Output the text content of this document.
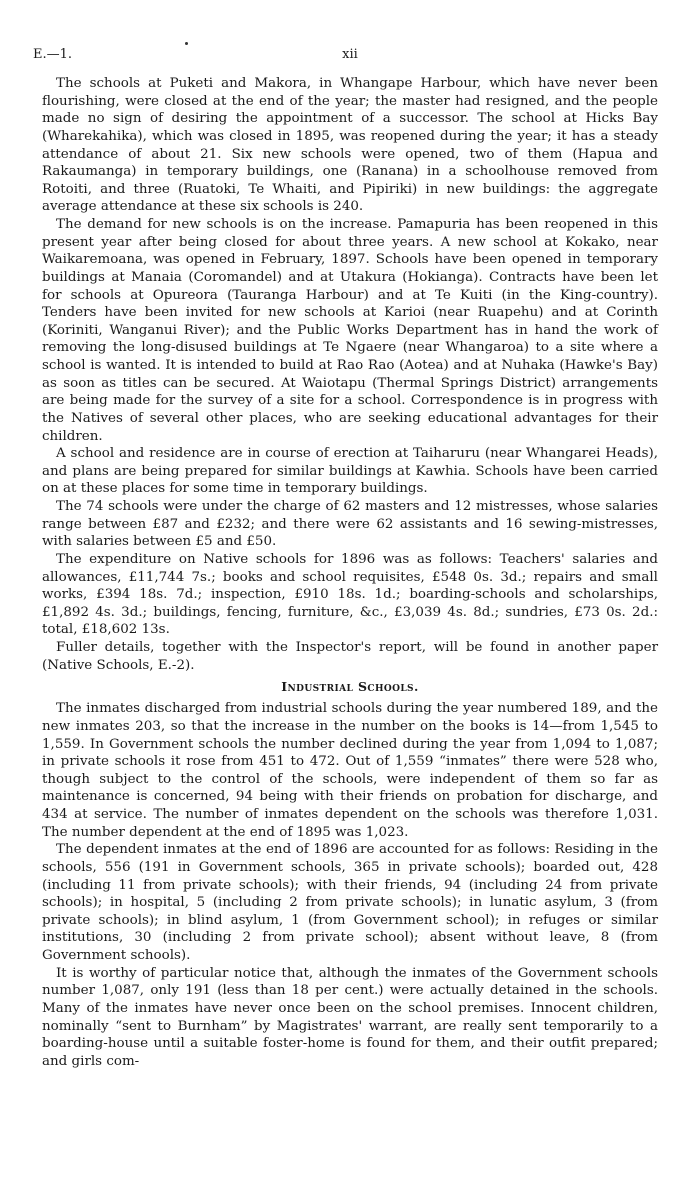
E.—1.	xii

The schools at Puketi and Makora, in Whangape Harbour, which have never been flourishing, were closed at the end of the year; the master had resigned, and the people made no sign of desiring the appointment of a successor. The school at Hicks Bay (Wharekahika), which was closed in 1895, was reopened during the year; it has a steady attendance of about 21. Six new schools were opened, two of them (Hapua and Rakaumanga) in temporary buildings, one (Ranana) in a schoolhouse removed from Rotoiti, and three (Ruatoki, Te Whaiti, and Pipiriki) in new buildings: the aggregate average attendance at these six schools is 240.

The demand for new schools is on the increase. Pamapuria has been reopened in this present year after being closed for about three years. A new school at Kokako, near Waikaremoana, was opened in February, 1897. Schools have been opened in temporary buildings at Manaia (Coromandel) and at Utakura (Hokianga). Contracts have been let for schools at Opureora (Tauranga Harbour) and at Te Kuiti (in the King-country). Tenders have been invited for new schools at Karioi (near Ruapehu) and at Corinth (Koriniti, Wanganui River); and the Public Works Department has in hand the work of removing the long-disused buildings at Te Ngaere (near Whangaroa) to a site where a school is wanted. It is intended to build at Rao Rao (Aotea) and at Nuhaka (Hawke's Bay) as soon as titles can be secured. At Waiotapu (Thermal Springs District) arrangements are being made for the survey of a site for a school. Correspondence is in progress with the Natives of several other places, who are seeking educational advantages for their children.

A school and residence are in course of erection at Taiharuru (near Whangarei Heads), and plans are being prepared for similar buildings at Kawhia. Schools have been carried on at these places for some time in temporary buildings.

The 74 schools were under the charge of 62 masters and 12 mistresses, whose salaries range between £87 and £232; and there were 62 assistants and 16 sewing-mistresses, with salaries between £5 and £50.

The expenditure on Native schools for 1896 was as follows: Teachers' salaries and allowances, £11,744 7s.; books and school requisites, £548 0s. 3d.; repairs and small works, £394 18s. 7d.; inspection, £910 18s. 1d.; boarding-schools and scholarships, £1,892 4s. 3d.; buildings, fencing, furniture, &c., £3,039 4s. 8d.; sundries, £73 0s. 2d.: total, £18,602 13s.

Fuller details, together with the Inspector's report, will be found in another paper (Native Schools, E.-2).

Industrial Schools.

The inmates discharged from industrial schools during the year numbered 189, and the new inmates 203, so that the increase in the number on the books is 14—from 1,545 to 1,559. In Government schools the number declined during the year from 1,094 to 1,087; in private schools it rose from 451 to 472. Out of 1,559 “inmates” there were 528 who, though subject to the control of the schools, were independent of them so far as maintenance is concerned, 94 being with their friends on probation for discharge, and 434 at service. The number of inmates dependent on the schools was therefore 1,031. The number dependent at the end of 1895 was 1,023.

The dependent inmates at the end of 1896 are accounted for as follows: Residing in the schools, 556 (191 in Government schools, 365 in private schools); boarded out, 428 (including 11 from private schools); with their friends, 94 (including 24 from private schools); in hospital, 5 (including 2 from private schools); in lunatic asylum, 3 (from private schools); in blind asylum, 1 (from Government school); in refuges or similar institutions, 30 (including 2 from private school); absent without leave, 8 (from Government schools).

It is worthy of particular notice that, although the inmates of the Government schools number 1,087, only 191 (less than 18 per cent.) were actually detained in the schools. Many of the inmates have never once been on the school premises. Innocent children, nominally “sent to Burnham” by Magistrates' warrant, are really sent temporarily to a boarding-house until a suitable foster-home is found for them, and their outfit prepared; and girls com-
